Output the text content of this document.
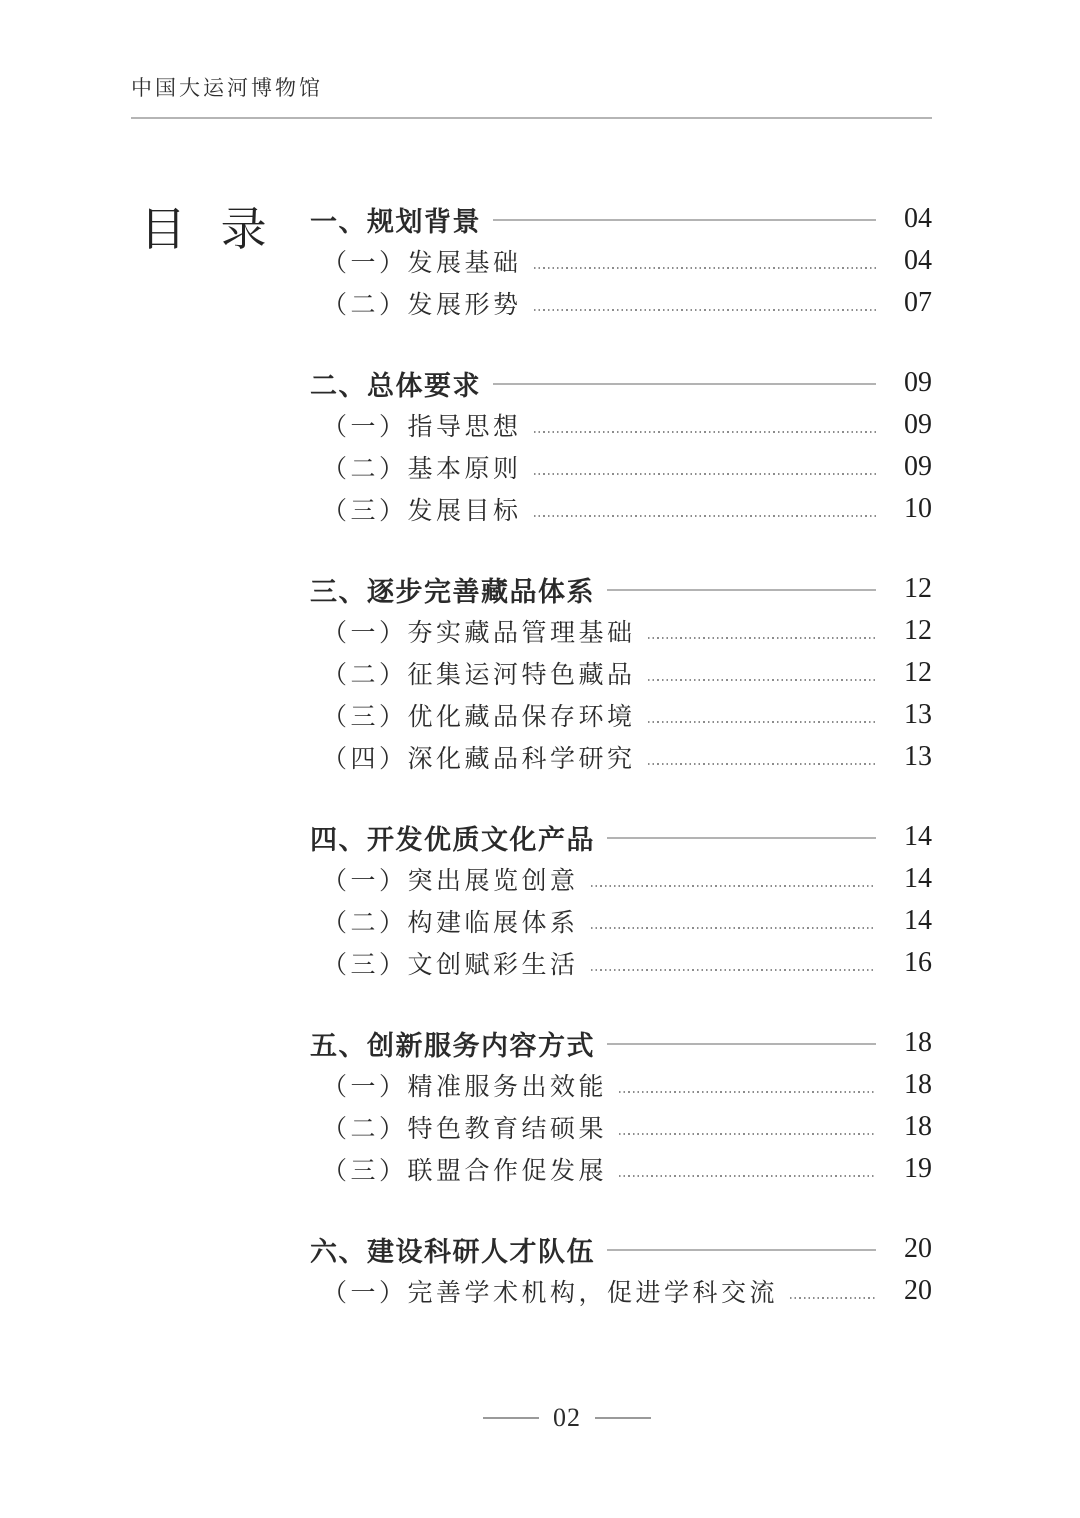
中国大运河博物馆
目 录 一、规划背景	04
（一）发展基础	04
（二）发展形势	07
二、总体要求	09
（一）指导思想	09
（二）基本原则	09
（三）发展目标	10
三、逐步完善藏品体系	12
（一）夯实藏品管理基础	12
（二）征集运河特色藏品	12
（三）优化藏品保存环境	13
（四）深化藏品科学研究	13
四、开发优质文化产品	14
（一）突出展览创意	14
（二）构建临展体系	14
（三）文创赋彩生活	16
五、创新服务内容方式	18
（一）精准服务出效能	18
（二）特色教育结硕果	18
（三）联盟合作促发展	19
六、建设科研人才队伍	20
（一）完善学术机构，促进学科交流	20
02
